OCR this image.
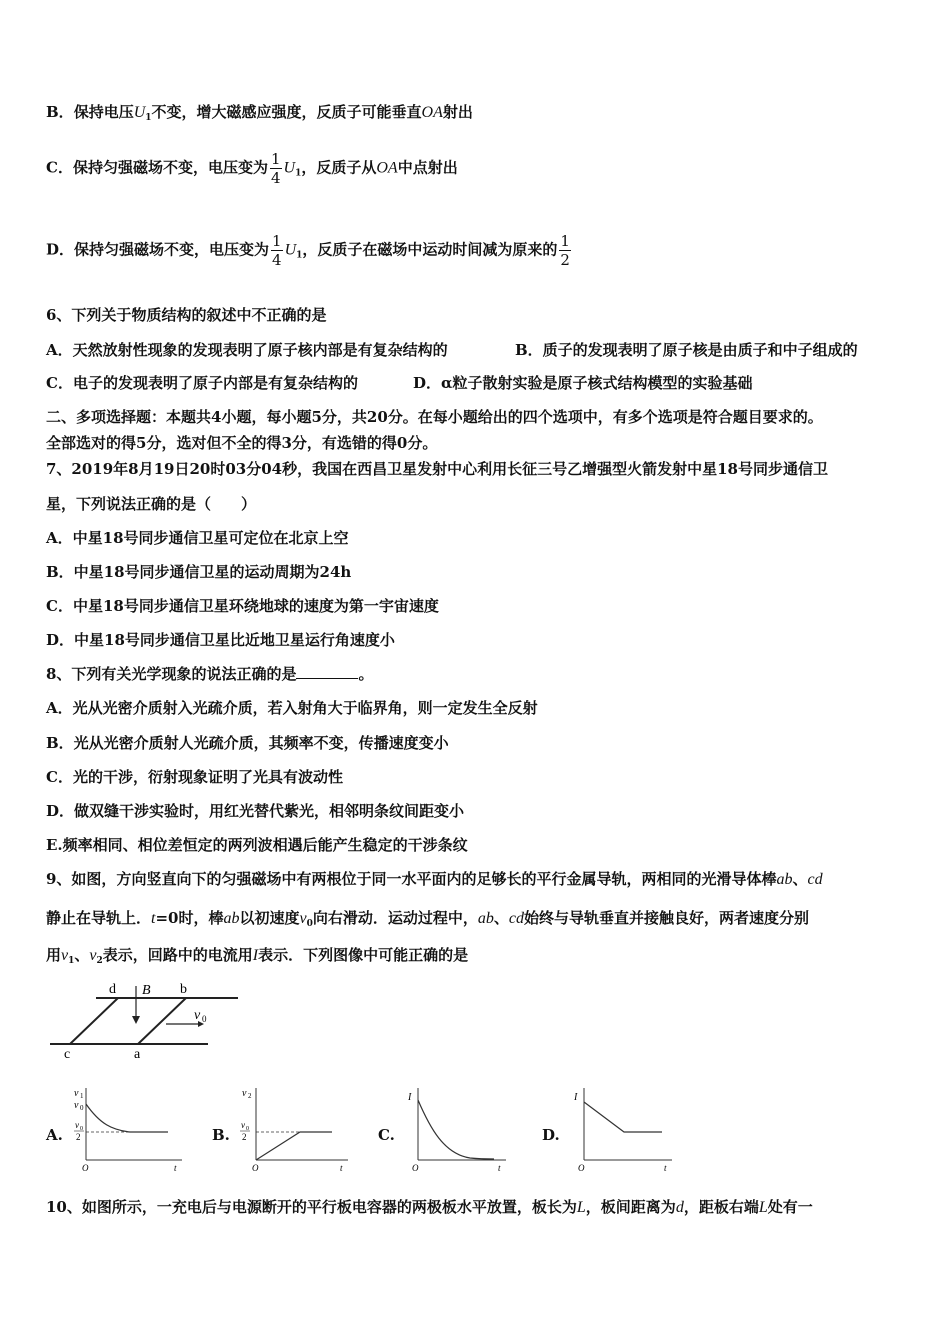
B．保持电压$U_1$不变，增大磁感应强度，反质子可能垂直OA射出
C．保持匀强磁场不变，电压变为 $\frac{1}{4} U_1$，反质子从OA中点射出
D．保持匀强磁场不变，电压变为 $\frac{1}{4} U_1$，反质子在磁场中运动时间减为原来的 $\frac{1}{2}$
6、下列关于物质结构的叙述中不正确的是
A．天然放射性现象的发现表明了原子核内部是有复杂结构的	B．质子的发现表明了原子核是由质子和中子组成的
C．电子的发现表明了原子内部是有复杂结构的	D．α粒子散射实验是原子核式结构模型的实验基础
二、多项选择题：本题共4小题，每小题5分，共20分。在每小题给出的四个选项中，有多个选项是符合题目要求的。
全部选对的得5分，选对但不全的得3分，有选错的得0分。
7、2019年8月19日20时03分04秒，我国在西昌卫星发射中心利用长征三号乙增强型火箭发射中星18号同步通信卫
星，下列说法正确的是（　　）
A．中星18号同步通信卫星可定位在北京上空
B．中星18号同步通信卫星的运动周期为24h
C．中星18号同步通信卫星环绕地球的速度为第一宇宙速度
D．中星18号同步通信卫星比近地卫星运行角速度小
8、下列有关光学现象的说法正确的是	。
A．光从光密介质射入光疏介质，若入射角大于临界角，则一定发生全反射
B．光从光密介质射人光疏介质，其频率不变，传播速度变小
C．光的干涉，衍射现象证明了光具有波动性
D．做双缝干涉实验时，用红光替代紫光，相邻明条纹间距变小
E.频率相同、相位差恒定的两列波相遇后能产生稳定的干涉条纹
9、如图，方向竖直向下的匀强磁场中有两根位于同一水平面内的足够长的平行金属导轨，两相同的光滑导体棒ab、cd
静止在导轨上．t=0时，棒ab以初速度$v_0$向右滑动．运动过程中，ab、cd始终与导轨垂直并接触良好，两者速度分别
用$v_1$、$v_2$表示，回路中的电流用I表示．下列图像中可能正确的是
d	b
B
v 0
c	a
A.
v 1
v 0
v 0
2
O	t
B.
v 2
v 0
2
O	t
C.
I
O	t
D.
I
O	t
10、如图所示，一充电后与电源断开的平行板电容器的两极板水平放置，板长为L，板间距离为d，距板右端L处有一
